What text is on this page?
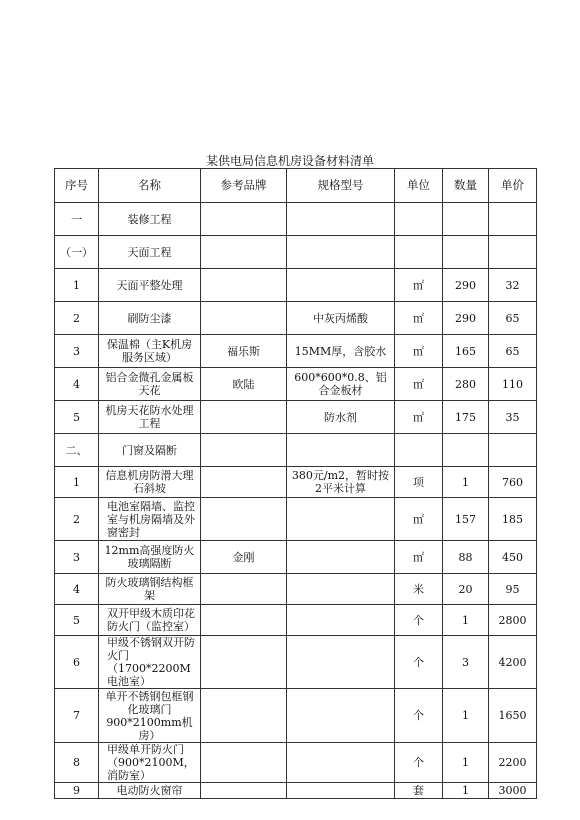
某供电局信息机房设备材料清单
序号	名称	参考品牌	规格型号	单位	数量	单价
一	装修工程					
（一）	天面工程					
1	天面平整处理			㎡	290	32
2	刷防尘漆		中灰丙烯酸	㎡	290	65
3	保温棉（主K机房服务区域）	福乐斯	15MM厚，含胶水	㎡	165	65
4	铝合金微孔金属板天花	欧陆	600*600*0.8、铝合金板材	㎡	280	110
5	机房天花防水处理工程		防水剂	㎡	175	35
二、	门窗及隔断					
1	信息机房防滑大理石斜坡		380元/m2，暂时按2平米计算	项	1	760
2	电池室隔墙、监控室与机房隔墙及外窗密封			㎡	157	185
3	12mm高强度防火玻璃隔断	金刚		㎡	88	450
4	防火玻璃钢结构框架			米	20	95
5	双开甲级木质印花防火门（监控室）			个	1	2800
6	甲级不锈钢双开防火门（1700*2200M电池室）			个	3	4200
7	单开不锈钢包框钢化玻璃门900*2100mm机房）			个	1	1650
8	甲级单开防火门（900*2100M，消防室）			个	1	2200
9	电动防火窗帘			套	1	3000
